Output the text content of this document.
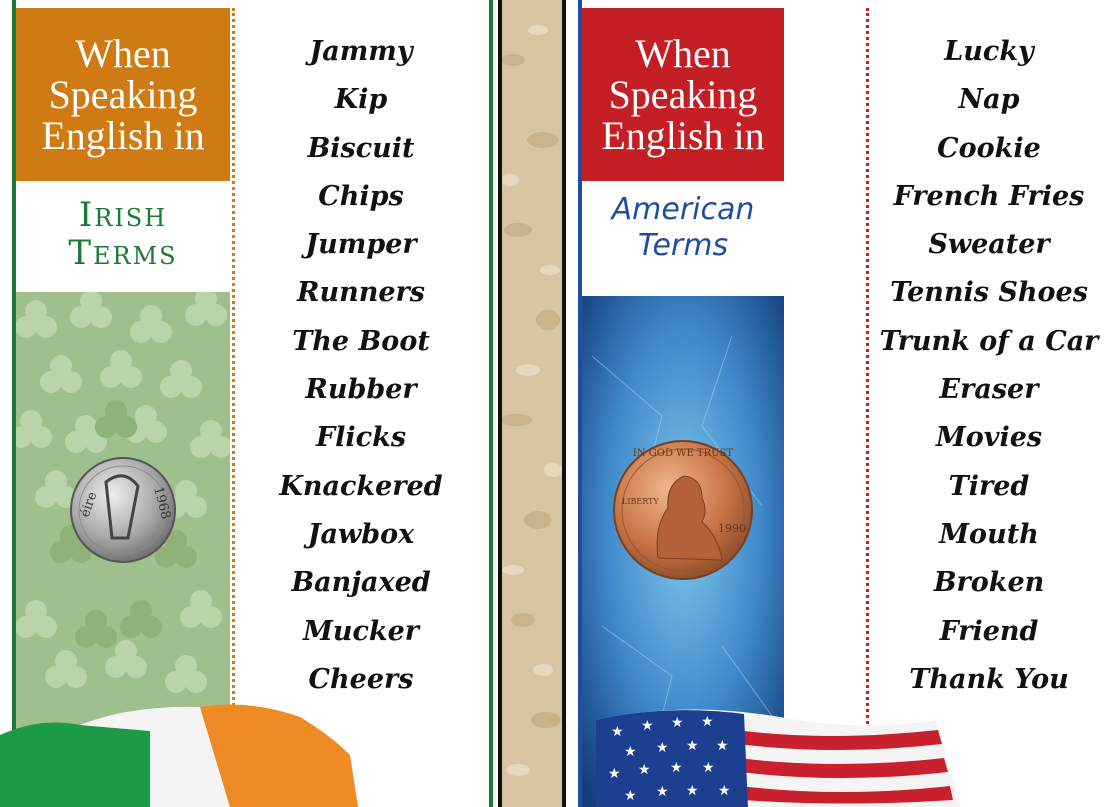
When
Speaking
English in
Irish
Terms
éire	1968
Jammy
Kip
Biscuit
Chips
Jumper
Runners
The Boot
Rubber
Flicks
Knackered
Jawbox
Banjaxed
Mucker
Cheers
When
Speaking
English in
American
Terms
IN GOD WE TRUST
LIBERTY
1990
Lucky
Nap
Cookie
French Fries
Sweater
Tennis Shoes
Trunk of a Car
Eraser
Movies
Tired
Mouth
Broken
Friend
Thank You
★ ★ ★ ★
★ ★ ★ ★
★ ★ ★ ★
★ ★ ★ ★
